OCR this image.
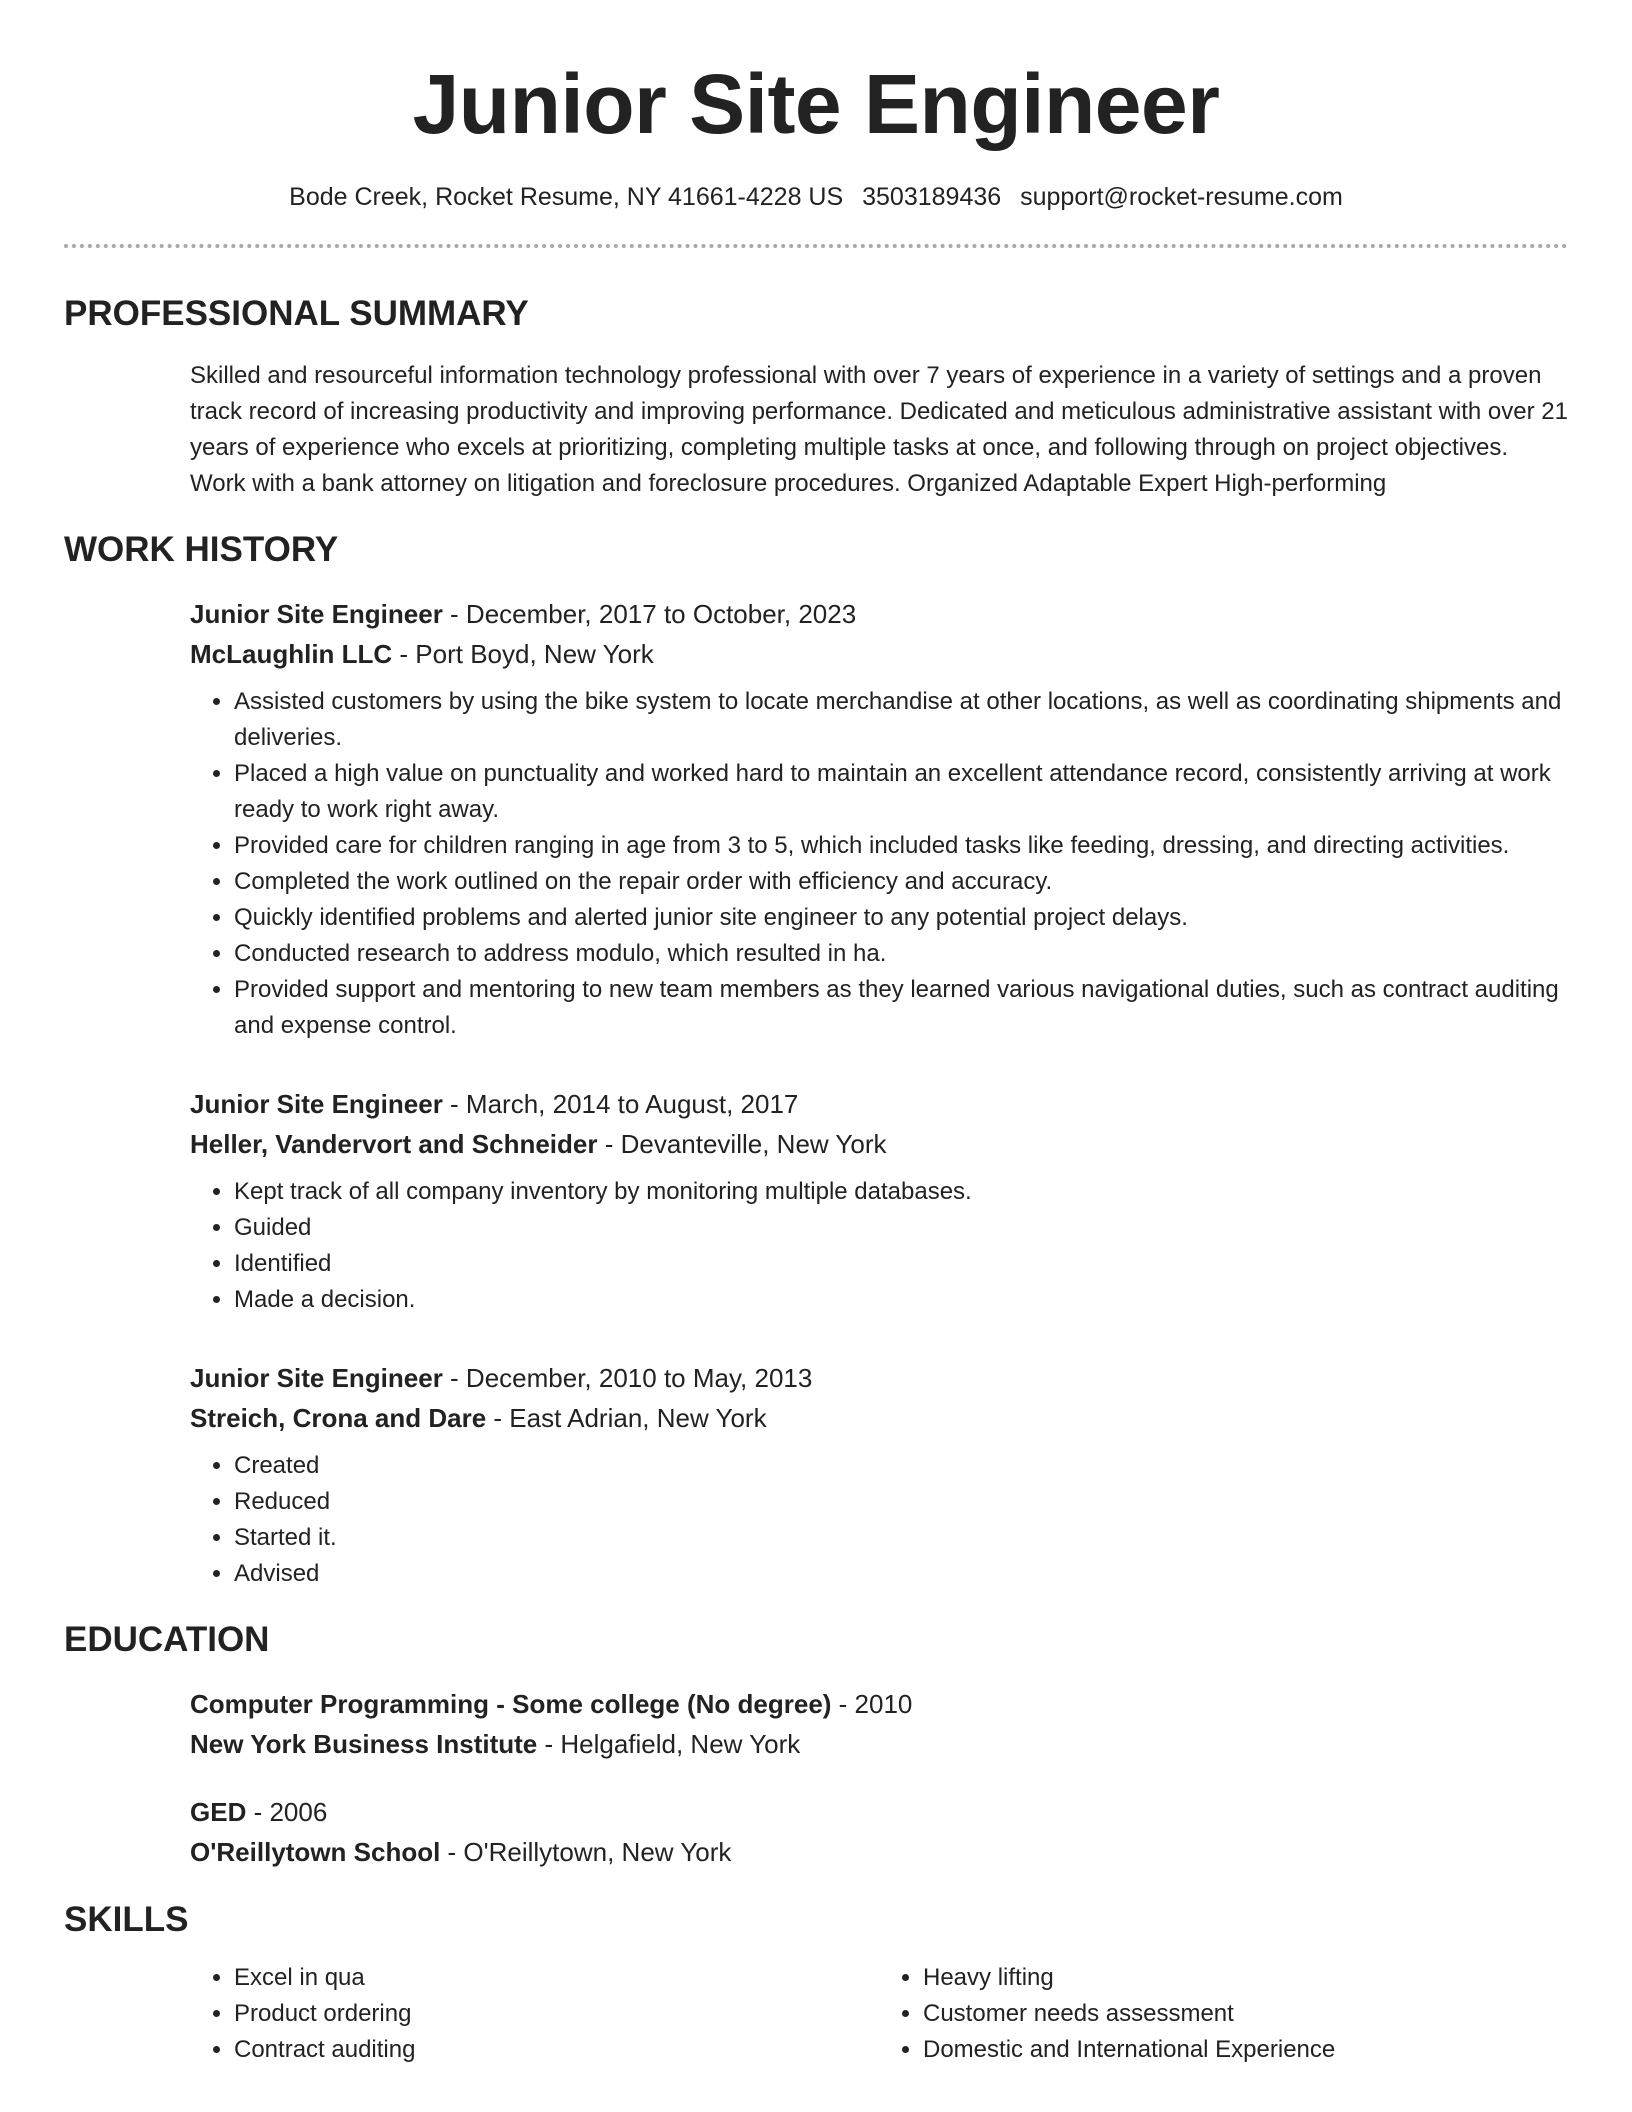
Junior Site Engineer
Bode Creek, Rocket Resume, NY 41661-4228 US 3503189436 support@rocket-resume.com
PROFESSIONAL SUMMARY

Skilled and resourceful information technology professional with over 7 years of experience in a variety of settings and a proven track record of increasing productivity and improving performance. Dedicated and meticulous administrative assistant with over 21 years of experience who excels at prioritizing, completing multiple tasks at once, and following through on project objectives. Work with a bank attorney on litigation and foreclosure procedures. Organized Adaptable Expert High-performing

WORK HISTORY
Junior Site Engineer - December, 2017 to October, 2023
McLaughlin LLC - Port Boyd, New York
• Assisted customers by using the bike system to locate merchandise at other locations, as well as coordinating shipments and deliveries.
• Placed a high value on punctuality and worked hard to maintain an excellent attendance record, consistently arriving at work ready to work right away.
• Provided care for children ranging in age from 3 to 5, which included tasks like feeding, dressing, and directing activities.
• Completed the work outlined on the repair order with efficiency and accuracy.
• Quickly identified problems and alerted junior site engineer to any potential project delays.
• Conducted research to address modulo, which resulted in ha.
• Provided support and mentoring to new team members as they learned various navigational duties, such as contract auditing and expense control.
Junior Site Engineer - March, 2014 to August, 2017
Heller, Vandervort and Schneider - Devanteville, New York
• Kept track of all company inventory by monitoring multiple databases.
• Guided
• Identified
• Made a decision.
Junior Site Engineer - December, 2010 to May, 2013
Streich, Crona and Dare - East Adrian, New York
• Created
• Reduced
• Started it.
• Advised
EDUCATION
Computer Programming - Some college (No degree) - 2010
New York Business Institute - Helgafield, New York
GED - 2006
O'Reillytown School - O'Reillytown, New York
SKILLS
• Excel in qua
• Product ordering
• Contract auditing
• Heavy lifting
• Customer needs assessment
• Domestic and International Experience
